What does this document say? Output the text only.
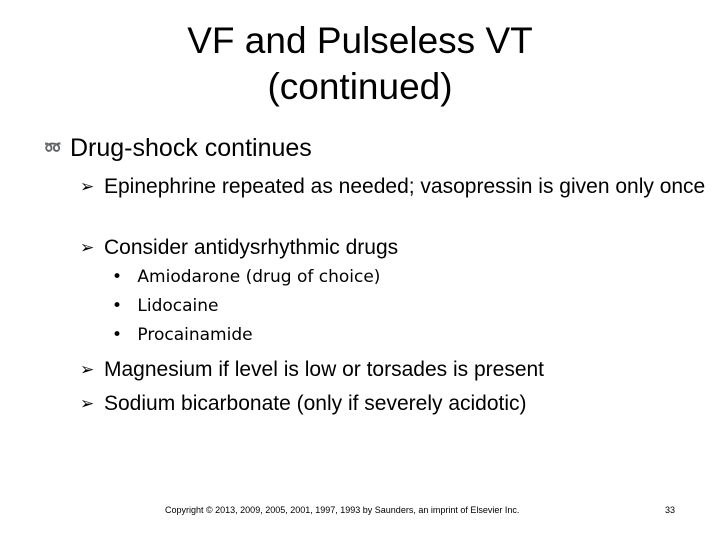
VF and Pulseless VT
(continued)
➿ Drug-shock continues
➢ Epinephrine repeated as needed; vasopressin is given only once
➢ Consider antidysrhythmic drugs
• Amiodarone (drug of choice)
• Lidocaine
• Procainamide
➢ Magnesium if level is low or torsades is present
➢ Sodium bicarbonate (only if severely acidotic)
Copyright © 2013, 2009, 2005, 2001, 1997, 1993 by Saunders, an imprint of Elsevier Inc.	33
